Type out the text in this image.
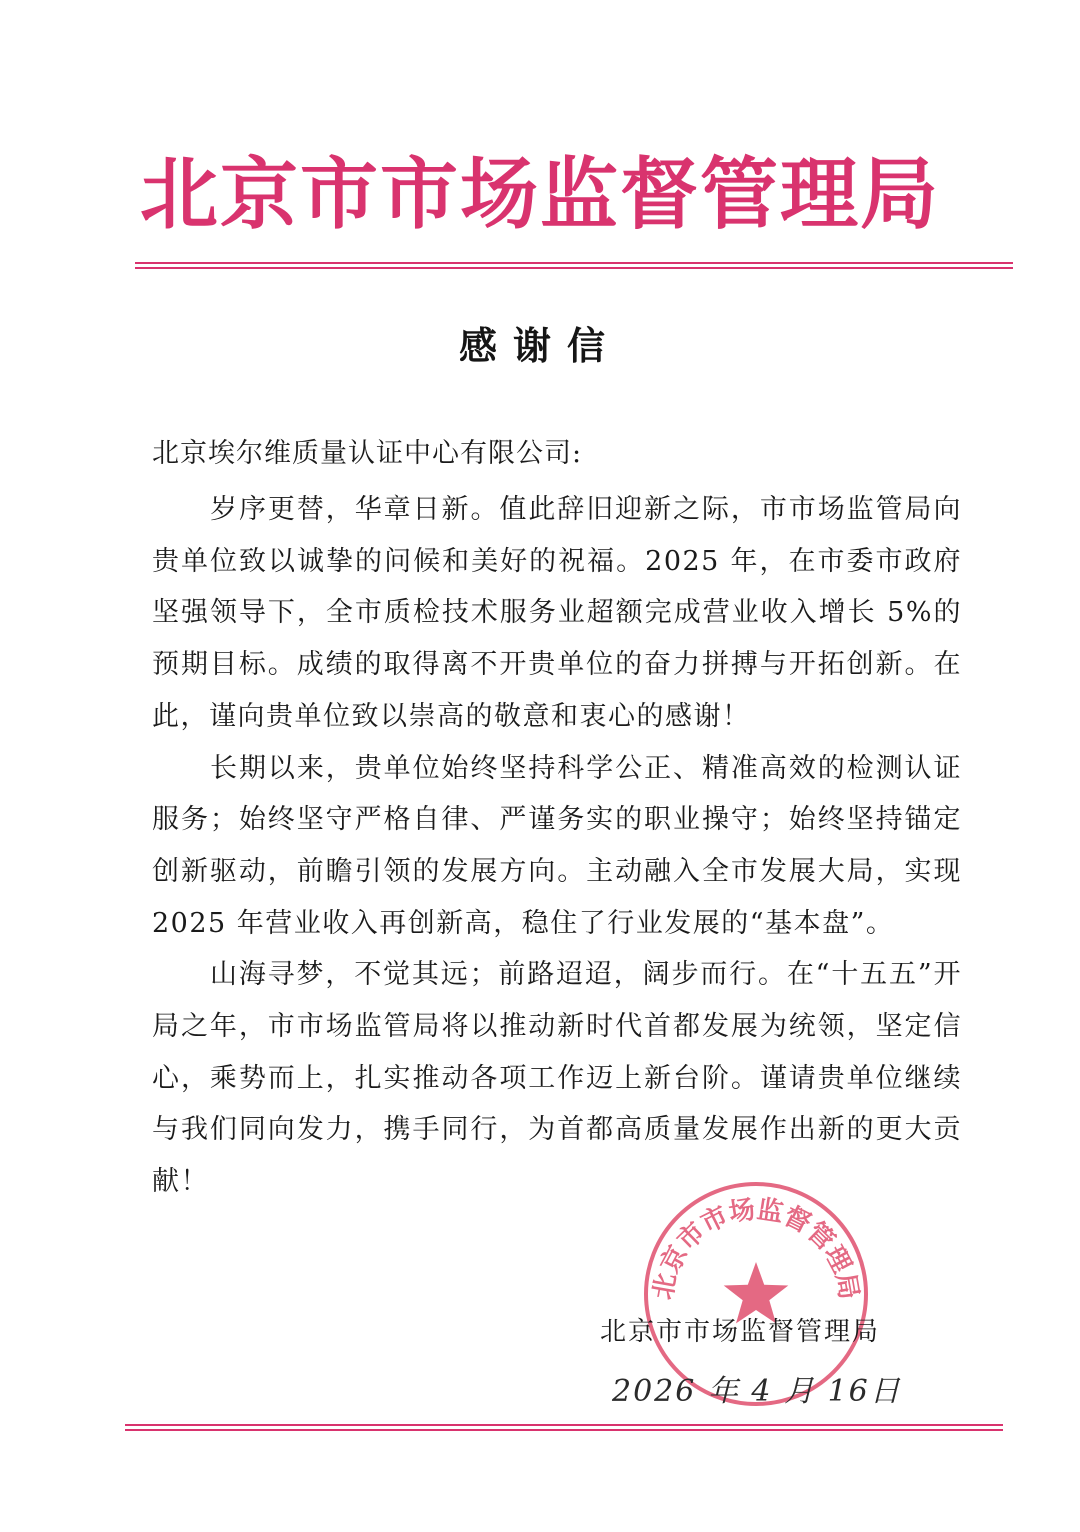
北京市市场监督管理局
感谢信
北京埃尔维质量认证中心有限公司:

岁序更替，华章日新。值此辞旧迎新之际，市市场监管局向贵单位致以诚挚的问候和美好的祝福。2025 年，在市委市政府坚强领导下，全市质检技术服务业超额完成营业收入增长 5%的预期目标。成绩的取得离不开贵单位的奋力拼搏与开拓创新。在此，谨向贵单位致以崇高的敬意和衷心的感谢！

长期以来，贵单位始终坚持科学公正、精准高效的检测认证服务；始终坚守严格自律、严谨务实的职业操守；始终坚持锚定创新驱动，前瞻引领的发展方向。主动融入全市发展大局，实现2025 年营业收入再创新高，稳住了行业发展的“基本盘”。

山海寻梦，不觉其远；前路迢迢，阔步而行。在“十五五”开局之年，市市场监管局将以推动新时代首都发展为统领，坚定信心，乘势而上，扎实推动各项工作迈上新台阶。谨请贵单位继续与我们同向发力，携手同行，为首都高质量发展作出新的更大贡献！

北京市市场监督管理局
北京市市场监督管理局
2026 年 4 月 16日
